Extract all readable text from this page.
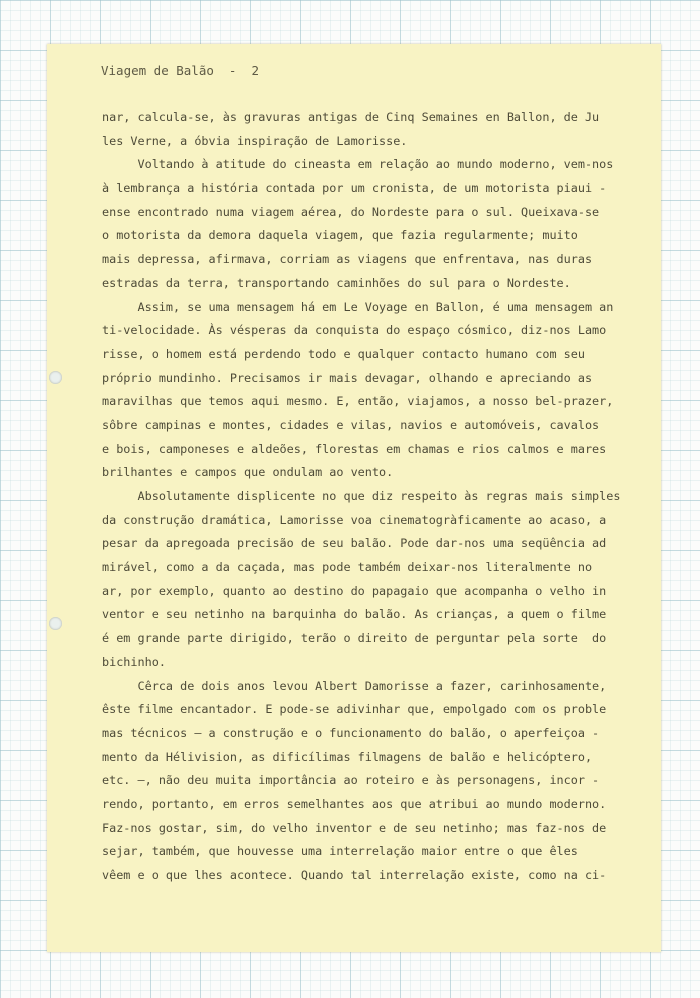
Viagem de Balão  -  2
nar, calcula-se, às gravuras antigas de Cinq Semaines en Ballon, de Ju
les Verne, a óbvia inspiração de Lamorisse.
Voltando à atitude do cineasta em relação ao mundo moderno, vem-nos
à lembrança a história contada por um cronista, de um motorista piaui -
ense encontrado numa viagem aérea, do Nordeste para o sul. Queixava-se
o motorista da demora daquela viagem, que fazia regularmente; muito
mais depressa, afirmava, corriam as viagens que enfrentava, nas duras
estradas da terra, transportando caminhões do sul para o Nordeste.
Assim, se uma mensagem há em Le Voyage en Ballon, é uma mensagem an
ti-velocidade. Às vésperas da conquista do espaço cósmico, diz-nos Lamo
risse, o homem está perdendo todo e qualquer contacto humano com seu
próprio mundinho. Precisamos ir mais devagar, olhando e apreciando as
maravilhas que temos aqui mesmo. E, então, viajamos, a nosso bel-prazer,
sôbre campinas e montes, cidades e vilas, navios e automóveis, cavalos
e bois, camponeses e aldeões, florestas em chamas e rios calmos e mares
brilhantes e campos que ondulam ao vento.
Absolutamente displicente no que diz respeito às regras mais simples
da construção dramática, Lamorisse voa cinematogràficamente ao acaso, a
pesar da apregoada precisão de seu balão. Pode dar-nos uma seqüência ad
mirável, como a da caçada, mas pode também deixar-nos literalmente no
ar, por exemplo, quanto ao destino do papagaio que acompanha o velho in
ventor e seu netinho na barquinha do balão. As crianças, a quem o filme
é em grande parte dirigido, terão o direito de perguntar pela sorte  do
bichinho.
Cêrca de dois anos levou Albert Damorisse a fazer, carinhosamente,
êste filme encantador. E pode-se adivinhar que, empolgado com os proble
mas técnicos — a construção e o funcionamento do balão, o aperfeiçoa -
mento da Hélivision, as dificílimas filmagens de balão e helicóptero,
etc. —, não deu muita importância ao roteiro e às personagens, incor -
rendo, portanto, em erros semelhantes aos que atribui ao mundo moderno.
Faz-nos gostar, sim, do velho inventor e de seu netinho; mas faz-nos de
sejar, também, que houvesse uma interrelação maior entre o que êles
vêem e o que lhes acontece. Quando tal interrelação existe, como na ci-
